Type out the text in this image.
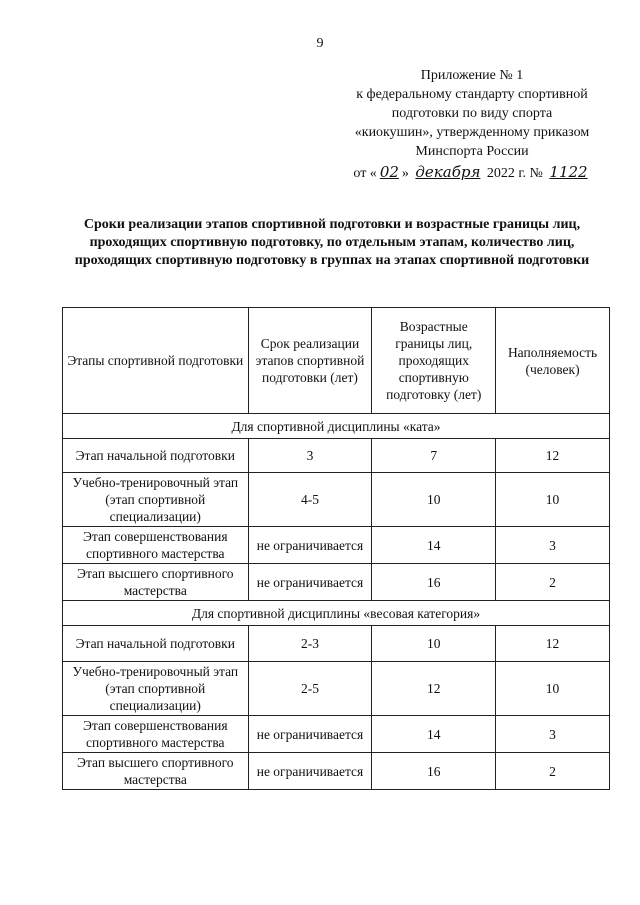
9
Приложение № 1
к федеральному стандарту спортивной
подготовки по виду спорта
«киокушин», утвержденному приказом
Минспорта России
от « 02 » декабря 2022 г. № 1122
Сроки реализации этапов спортивной подготовки и возрастные границы лиц, проходящих спортивную подготовку, по отдельным этапам, количество лиц, проходящих спортивную подготовку в группах на этапах спортивной подготовки
Этапы спортивной подготовки	Срок реализации этапов спортивной подготовки (лет)	Возрастные границы лиц, проходящих спортивную подготовку (лет)	Наполняемость (человек)
Для спортивной дисциплины «ката»			
Этап начальной подготовки	3	7	12
Учебно-тренировочный этап (этап спортивной специализации)	4-5	10	10
Этап совершенствования спортивного мастерства	не ограничивается	14	3
Этап высшего спортивного мастерства	не ограничивается	16	2
Для спортивной дисциплины «весовая категория»			
Этап начальной подготовки	2-3	10	12
Учебно-тренировочный этап (этап спортивной специализации)	2-5	12	10
Этап совершенствования спортивного мастерства	не ограничивается	14	3
Этап высшего спортивного мастерства	не ограничивается	16	2
